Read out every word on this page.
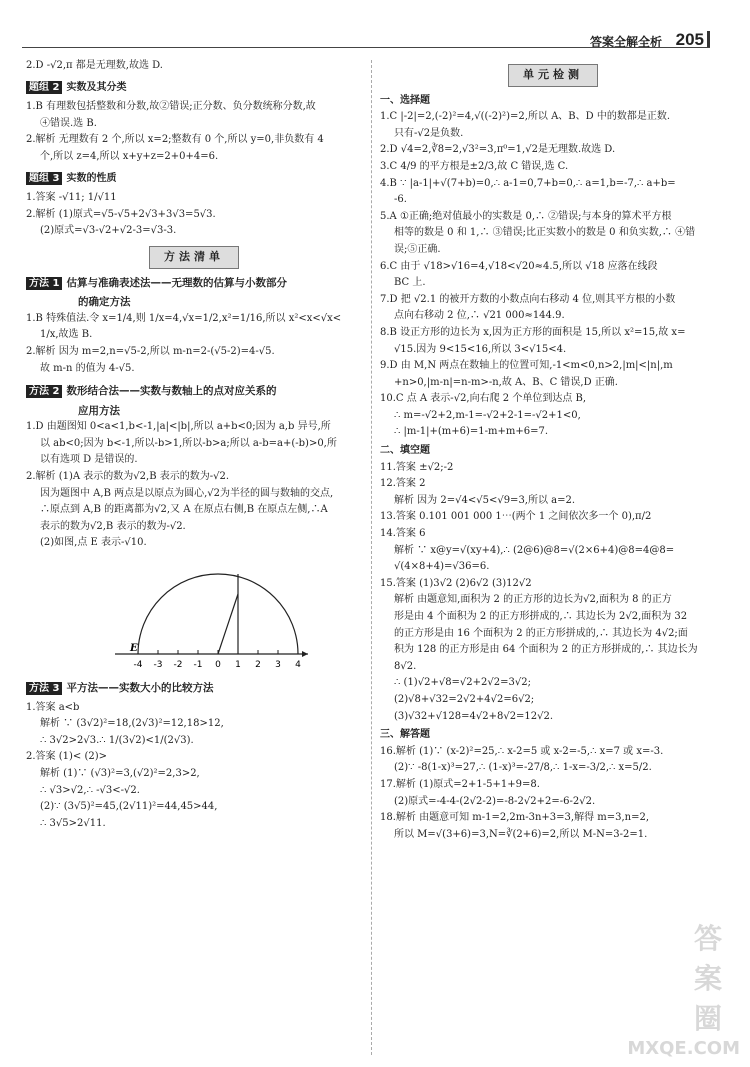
答案全解全析 205

2.D -√2,π 都是无理数,故选 D.

题组 2 实数及其分类

1.B 有理数包括整数和分数,故②错误;正分数、负分数统称分数,故

④错误.选 B.

2.解析 无理数有 2 个,所以 x=2;整数有 0 个,所以 y=0,非负数有 4

个,所以 z=4,所以 x+y+z=2+0+4=6.

题组 3 实数的性质

1.答案 -√11; 1/√11

2.解析 (1)原式=√5-√5+2√3+3√3=5√3.

(2)原式=√3-√2+√2-3=√3-3.

方法清单

方法 1 估算与准确表述法——无理数的估算与小数部分

的确定方法

1.B 特殊值法.令 x=1/4,则 1/x=4,√x=1/2,x²=1/16,所以 x²<x<√x<

1/x,故选 B.

2.解析 因为 m=2,n=√5-2,所以 m-n=2-(√5-2)=4-√5.

故 m-n 的值为 4-√5.

方法 2 数形结合法——实数与数轴上的点对应关系的

应用方法

1.D 由题图知 0<a<1,b<-1,|a|<|b|,所以 a+b<0;因为 a,b 异号,所

以 ab<0;因为 b<-1,所以-b>1,所以-b>a;所以 a-b=a+(-b)>0,所

以有选项 D 是错误的.

2.解析 (1)A 表示的数为√2,B 表示的数为-√2.

因为题图中 A,B 两点是以原点为圆心,√2为半径的圆与数轴的交点,

∴原点到 A,B 的距离都为√2,又 A 在原点右侧,B 在原点左侧,∴A

表示的数为√2,B 表示的数为-√2.

(2)如图,点 E 表示-√10.

-4 -3 -2 -1 0 1 2 3 4
E

方法 3 平方法——实数大小的比较方法

1.答案 a<b

解析 ∵ (3√2)²=18,(2√3)²=12,18>12,

∴ 3√2>2√3.∴ 1/(3√2)<1/(2√3).

2.答案 (1)< (2)>

解析 (1)∵ (√3)²=3,(√2)²=2,3>2,

∴ √3>√2,∴ -√3<-√2.

(2)∵ (3√5)²=45,(2√11)²=44,45>44,

∴ 3√5>2√11.

单元检测

一、选择题

1.C |-2|=2,(-2)²=4,√((-2)²)=2,所以 A、B、D 中的数都是正数.

只有-√2是负数.

2.D √4=2,∛8=2,√3²=3,π⁰=1,√2是无理数.故选 D.

3.C 4/9 的平方根是±2/3,故 C 错误,选 C.

4.B ∵ |a-1|+√(7+b)=0,∴ a-1=0,7+b=0,∴ a=1,b=-7,∴ a+b=

-6.

5.A ①正确;绝对值最小的实数是 0,∴ ②错误;与本身的算术平方根

相等的数是 0 和 1,∴ ③错误;比正实数小的数是 0 和负实数,∴ ④错

误;⑤正确.

6.C 由于 √18>√16=4,√18<√20≈4.5,所以 √18 应落在线段

BC 上.

7.D 把 √2.1 的被开方数的小数点向右移动 4 位,则其平方根的小数

点向右移动 2 位,∴ √21 000≈144.9.

8.B 设正方形的边长为 x,因为正方形的面积是 15,所以 x²=15,故 x=

√15.因为 9<15<16,所以 3<√15<4.

9.D 由 M,N 两点在数轴上的位置可知,-1<m<0,n>2,|m|<|n|,m

+n>0,|m-n|=n-m>-n,故 A、B、C 错误,D 正确.

10.C 点 A 表示-√2,向右爬 2 个单位到达点 B,

∴ m=-√2+2,m-1=-√2+2-1=-√2+1<0,

∴ |m-1|+(m+6)=1-m+m+6=7.

二、填空题

11.答案 ±√2;-2

12.答案 2

解析 因为 2=√4<√5<√9=3,所以 a=2.

13.答案 0.101 001 000 1⋯(两个 1 之间依次多一个 0),π/2

14.答案 6

解析 ∵ x@y=√(xy+4),∴ (2@6)@8=√(2×6+4)@8=4@8=

√(4×8+4)=√36=6.

15.答案 (1)3√2 (2)6√2 (3)12√2

解析 由题意知,面积为 2 的正方形的边长为√2,面积为 8 的正方

形是由 4 个面积为 2 的正方形拼成的,∴ 其边长为 2√2,面积为 32

的正方形是由 16 个面积为 2 的正方形拼成的,∴ 其边长为 4√2;面

积为 128 的正方形是由 64 个面积为 2 的正方形拼成的,∴ 其边长为

8√2.

∴ (1)√2+√8=√2+2√2=3√2;

(2)√8+√32=2√2+4√2=6√2;

(3)√32+√128=4√2+8√2=12√2.

三、解答题

16.解析 (1)∵ (x-2)²=25,∴ x-2=5 或 x-2=-5,∴ x=7 或 x=-3.

(2)∵ -8(1-x)³=27,∴ (1-x)³=-27/8,∴ 1-x=-3/2,∴ x=5/2.

17.解析 (1)原式=2+1-5+1+9=8.

(2)原式=-4-4-(2√2-2)=-8-2√2+2=-6-2√2.

18.解析 由题意可知 m-1=2,2m-3n+3=3,解得 m=3,n=2,

所以 M=√(3+6)=3,N=∛(2+6)=2,所以 M-N=3-2=1.

答案圈
MXQE.COM
